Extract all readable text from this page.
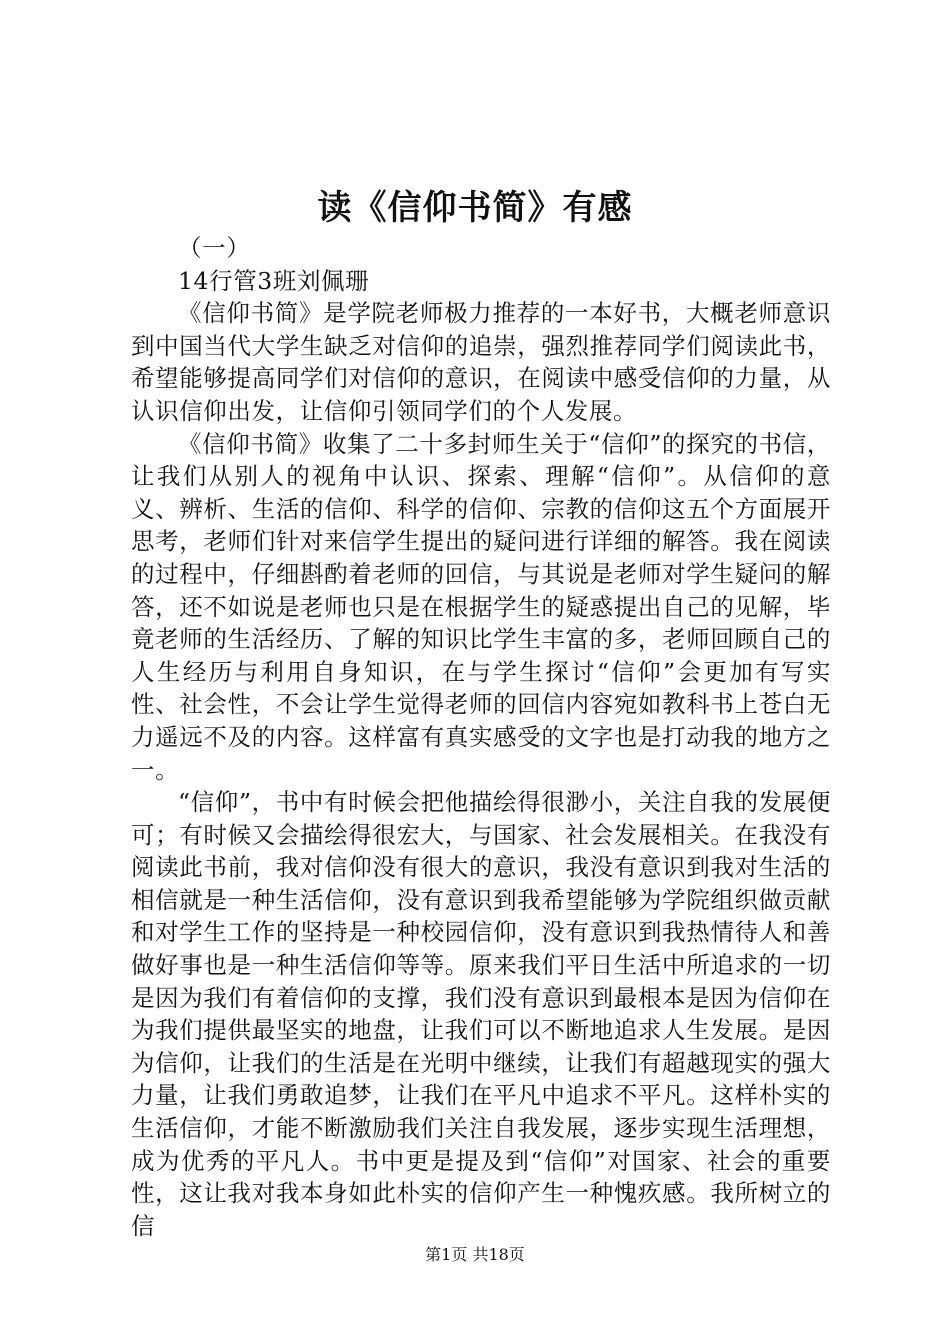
读《信仰书简》有感

（一）

14行管3班刘佩珊

《信仰书简》是学院老师极力推荐的一本好书，大概老师意识到中国当代大学生缺乏对信仰的追崇，强烈推荐同学们阅读此书，希望能够提高同学们对信仰的意识，在阅读中感受信仰的力量，从认识信仰出发，让信仰引领同学们的个人发展。

《信仰书简》收集了二十多封师生关于“信仰”的探究的书信，让我们从别人的视角中认识、探索、理解“信仰”。从信仰的意义、辨析、生活的信仰、科学的信仰、宗教的信仰这五个方面展开思考，老师们针对来信学生提出的疑问进行详细的解答。我在阅读的过程中，仔细斟酌着老师的回信，与其说是老师对学生疑问的解答，还不如说是老师也只是在根据学生的疑惑提出自己的见解，毕竟老师的生活经历、了解的知识比学生丰富的多，老师回顾自己的人生经历与利用自身知识，在与学生探讨“信仰”会更加有写实性、社会性，不会让学生觉得老师的回信内容宛如教科书上苍白无力遥远不及的内容。这样富有真实感受的文字也是打动我的地方之一。

“信仰”，书中有时候会把他描绘得很渺小，关注自我的发展便可；有时候又会描绘得很宏大，与国家、社会发展相关。在我没有阅读此书前，我对信仰没有很大的意识，我没有意识到我对生活的相信就是一种生活信仰，没有意识到我希望能够为学院组织做贡献和对学生工作的坚持是一种校园信仰，没有意识到我热情待人和善做好事也是一种生活信仰等等。原来我们平日生活中所追求的一切是因为我们有着信仰的支撑，我们没有意识到最根本是因为信仰在为我们提供最坚实的地盘，让我们可以不断地追求人生发展。是因为信仰，让我们的生活是在光明中继续，让我们有超越现实的强大力量，让我们勇敢追梦，让我们在平凡中追求不平凡。这样朴实的生活信仰，才能不断激励我们关注自我发展，逐步实现生活理想，成为优秀的平凡人。书中更是提及到“信仰”对国家、社会的重要性，这让我对我本身如此朴实的信仰产生一种愧疚感。我所树立的信

第1页 共18页
